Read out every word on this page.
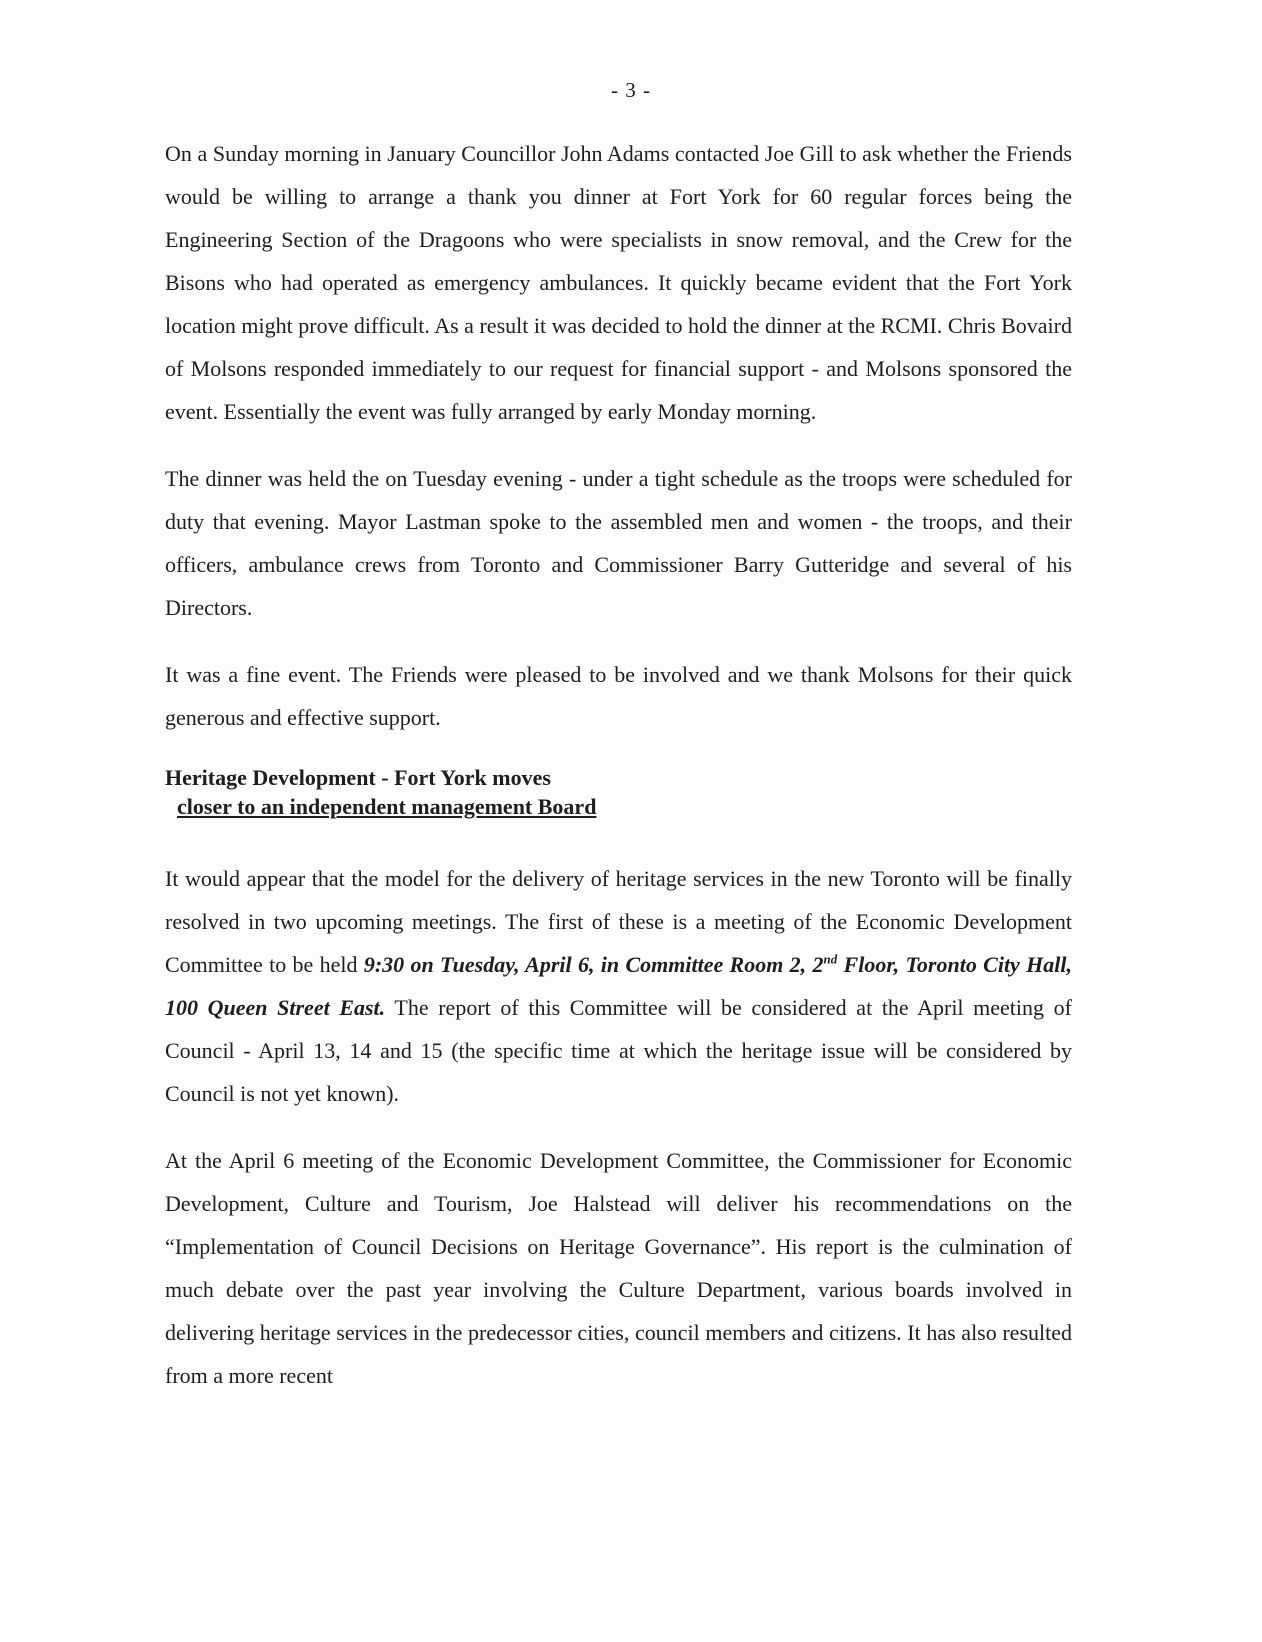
- 3 -

On a Sunday morning in January Councillor John Adams contacted Joe Gill to ask whether the Friends would be willing to arrange a thank you dinner at Fort York for 60 regular forces being the Engineering Section of the Dragoons who were specialists in snow removal, and the Crew for the Bisons who had operated as emergency ambulances. It quickly became evident that the Fort York location might prove difficult. As a result it was decided to hold the dinner at the RCMI. Chris Bovaird of Molsons responded immediately to our request for financial support - and Molsons sponsored the event. Essentially the event was fully arranged by early Monday morning.

The dinner was held the on Tuesday evening - under a tight schedule as the troops were scheduled for duty that evening. Mayor Lastman spoke to the assembled men and women - the troops, and their officers, ambulance crews from Toronto and Commissioner Barry Gutteridge and several of his Directors.

It was a fine event. The Friends were pleased to be involved and we thank Molsons for their quick generous and effective support.

Heritage Development - Fort York moves
closer to an independent management Board

It would appear that the model for the delivery of heritage services in the new Toronto will be finally resolved in two upcoming meetings. The first of these is a meeting of the Economic Development Committee to be held 9:30 on Tuesday, April 6, in Committee Room 2, 2nd Floor, Toronto City Hall, 100 Queen Street East. The report of this Committee will be considered at the April meeting of Council - April 13, 14 and 15 (the specific time at which the heritage issue will be considered by Council is not yet known).

At the April 6 meeting of the Economic Development Committee, the Commissioner for Economic Development, Culture and Tourism, Joe Halstead will deliver his recommendations on the “Implementation of Council Decisions on Heritage Governance”. His report is the culmination of much debate over the past year involving the Culture Department, various boards involved in delivering heritage services in the predecessor cities, council members and citizens. It has also resulted from a more recent
